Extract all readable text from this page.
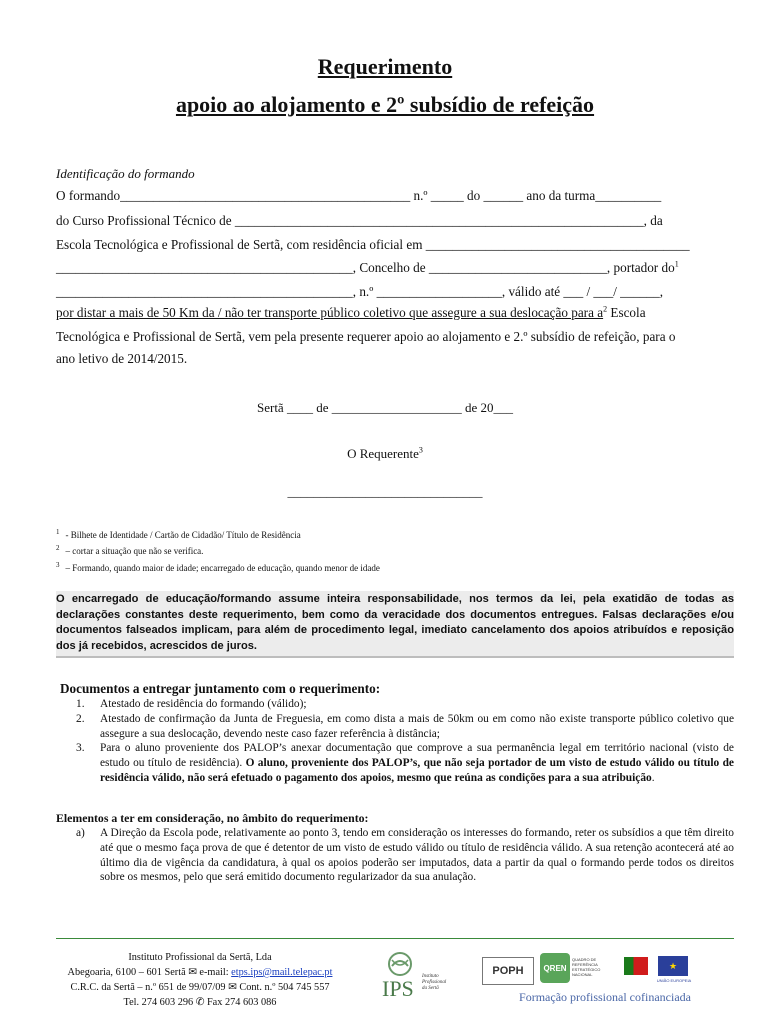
Requerimento
apoio ao alojamento e 2º subsídio de refeição
Identificação do formando
O formando____________________________________________ n.º _____ do ______ ano da turma__________
do Curso Profissional Técnico de ______________________________________________________________, da
Escola Tecnológica e Profissional de Sertã, com residência oficial em ________________________________________
_____________________________________________, Concelho de ___________________________, portador $do^1$
_____________________________________________, n.º ___________________, válido até ___ / ___/ ______,
por distar a mais de 50 Km da / não ter transporte público coletivo que assegure a sua deslocação para $a^2$ Escola
Tecnológica e Profissional de Sertã, vem pela presente requerer apoio ao alojamento e 2.º subsídio de refeição, para o
ano letivo de 2014/2015.
Sertã ____ de ____________________ de 20___
O Requerente$^3$
______________________________
$^1$ - Bilhete de Identidade / Cartão de Cidadão/ Título de Residência
$^2$ – cortar a situação que não se verifica.
$^3$ – Formando, quando maior de idade; encarregado de educação, quando menor de idade
O encarregado de educação/formando assume inteira responsabilidade, nos termos da lei, pela exatidão de todas as declarações constantes deste requerimento, bem como da veracidade dos documentos entregues. Falsas declarações e/ou documentos falseados implicam, para além de procedimento legal, imediato cancelamento dos apoios atribuídos e reposição dos já recebidos, acrescidos de juros.
Documentos a entregar juntamento com o requerimento:
1. Atestado de residência do formando (válido);
2. Atestado de confirmação da Junta de Freguesia, em como dista a mais de 50km ou em como não existe transporte público coletivo que assegure a sua deslocação, devendo neste caso fazer referência à distância;
3. Para o aluno proveniente dos PALOP’s anexar documentação que comprove a sua permanência legal em território nacional (visto de estudo ou título de residência). O aluno, proveniente dos PALOP’s, que não seja portador de um visto de estudo válido ou título de residência válido, não será efetuado o pagamento dos apoios, mesmo que reúna as condições para a sua atribuição.
Elementos a ter em consideração, no âmbito do requerimento:
a) A Direção da Escola pode, relativamente ao ponto 3, tendo em consideração os interesses do formando, reter os subsídios a que têm direito até que o mesmo faça prova de que é detentor de um visto de estudo válido ou título de residência válido. A sua retenção acontecerá até ao último dia de vigência da candidatura, à qual os apoios poderão ser imputados, data a partir da qual o formando perde todos os direitos sobre os mesmos, pelo que será emitido documento regularizador da sua anulação.
Instituto Profissional da Sertã, Lda
Abegoaria, 6100 – 601 Sertã ✉ e-mail: etps.ips@mail.telepac.pt
C.R.C. da Sertã – n.º 651 de 99/07/09 ✉ Cont. n.º 504 745 557
Tel. 274 603 296 ✆ Fax 274 603 086
IPS Instituto Profissional da Sertã
POPH	QREN
QUADRO DE REFERÊNCIA ESTRATÉGICO NACIONAL
★
UNIÃO EUROPEIA
Formação profissional cofinanciada
